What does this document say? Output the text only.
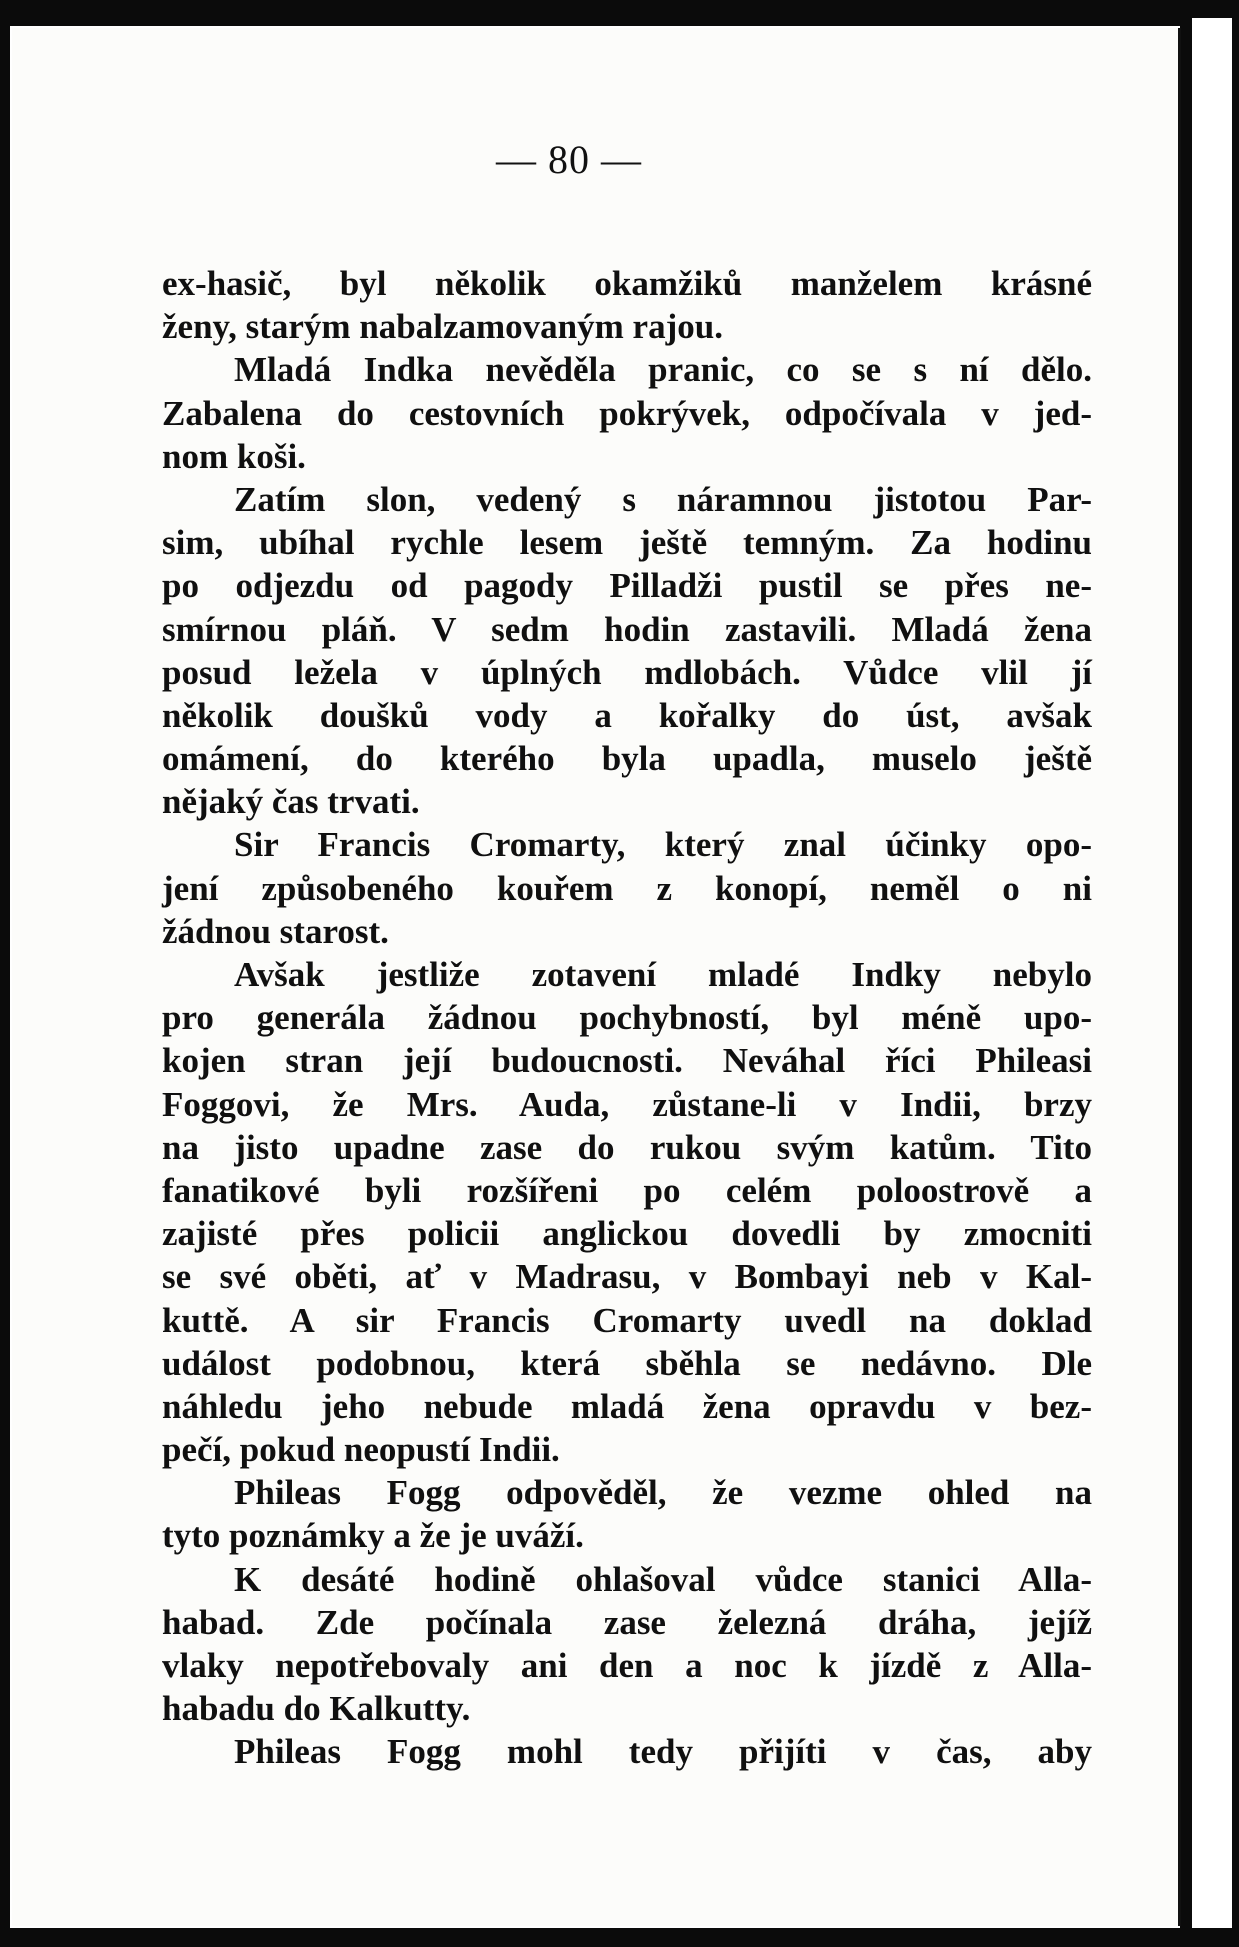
— 80 —
ex-hasič, byl několik okamžiků manželem krásné
ženy, starým nabalzamovaným rajou.
Mladá Indka nevěděla pranic, co se s ní dělo.
Zabalena do cestovních pokrývek, odpočívala v jed-
nom koši.
Zatím slon, vedený s náramnou jistotou Par-
sim, ubíhal rychle lesem ještě temným. Za hodinu
po odjezdu od pagody Pilladži pustil se přes ne-
smírnou pláň. V sedm hodin zastavili. Mladá žena
posud ležela v úplných mdlobách. Vůdce vlil jí
několik doušků vody a kořalky do úst, avšak
omámení, do kterého byla upadla, muselo ještě
nějaký čas trvati.
Sir Francis Cromarty, který znal účinky opo-
jení způsobeného kouřem z konopí, neměl o ni
žádnou starost.
Avšak jestliže zotavení mladé Indky nebylo
pro generála žádnou pochybností, byl méně upo-
kojen stran její budoucnosti. Neváhal říci Phileasi
Foggovi, že Mrs. Auda, zůstane-li v Indii, brzy
na jisto upadne zase do rukou svým katům. Tito
fanatikové byli rozšířeni po celém poloostrově a
zajisté přes policii anglickou dovedli by zmocniti
se své oběti, ať v Madrasu, v Bombayi neb v Kal-
kuttě. A sir Francis Cromarty uvedl na doklad
událost podobnou, která sběhla se nedávno. Dle
náhledu jeho nebude mladá žena opravdu v bez-
pečí, pokud neopustí Indii.
Phileas Fogg odpověděl, že vezme ohled na
tyto poznámky a že je uváží.
K desáté hodině ohlašoval vůdce stanici Alla-
habad. Zde počínala zase železná dráha, jejíž
vlaky nepotřebovaly ani den a noc k jízdě z Alla-
habadu do Kalkutty.
Phileas Fogg mohl tedy přijíti v čas, aby
